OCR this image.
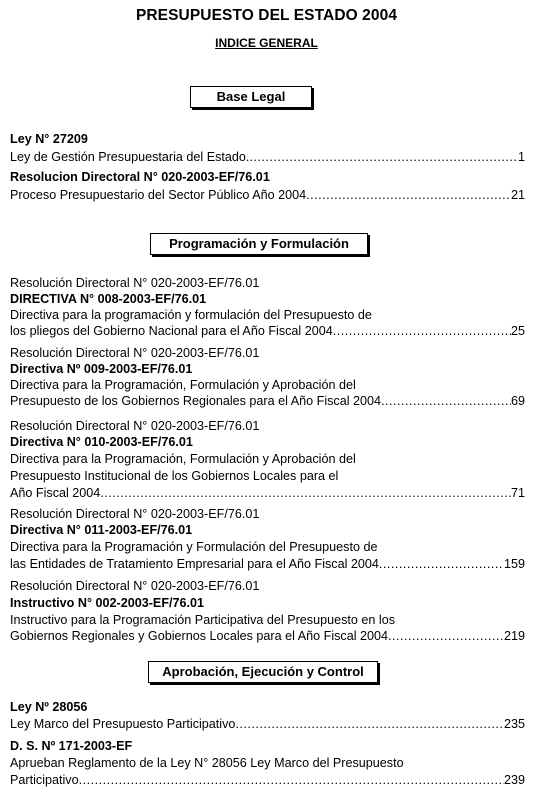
PRESUPUESTO DEL ESTADO 2004
INDICE GENERAL
Base Legal
Ley N° 27209
Ley de Gestión Presupuestaria del Estado. .....	1
Resolucion Directoral N° 020-2003-EF/76.01
Proceso Presupuestario del Sector Público Año 2004 .....	21
Programación y Formulación
Resolución Directoral N° 020-2003-EF/76.01
DIRECTIVA N° 008-2003-EF/76.01
Directiva para la programación y formulación del Presupuesto de
los pliegos del Gobierno Nacional para el Año Fiscal 2004 .....	25
Resolución Directoral N° 020-2003-EF/76.01
Directiva Nº 009-2003-EF/76.01
Directiva para la Programación, Formulación y Aprobación del
Presupuesto de los Gobiernos Regionales para el Año Fiscal 2004 .....	69
Resolución Directoral N° 020-2003-EF/76.01
Directiva N° 010-2003-EF/76.01
Directiva para la Programación, Formulación y Aprobación del
Presupuesto Institucional de los Gobiernos Locales para el
Año Fiscal 2004 .....	71
Resolución Directoral N° 020-2003-EF/76.01
Directiva N° 011-2003-EF/76.01
Directiva para la Programación y Formulación del Presupuesto de
las Entidades de Tratamiento Empresarial para el Año Fiscal 2004 .....	159
Resolución Directoral N° 020-2003-EF/76.01
Instructivo N° 002-2003-EF/76.01
Instructivo para la Programación Participativa del Presupuesto en los
Gobiernos Regionales y Gobiernos Locales para el Año Fiscal 2004 .....	219
Aprobación, Ejecución y Control
Ley Nº 28056
Ley Marco del Presupuesto Participativo .....	235
D. S. Nº 171-2003-EF
Aprueban Reglamento de la Ley N° 28056 Ley Marco del Presupuesto
Participativo .....	239
